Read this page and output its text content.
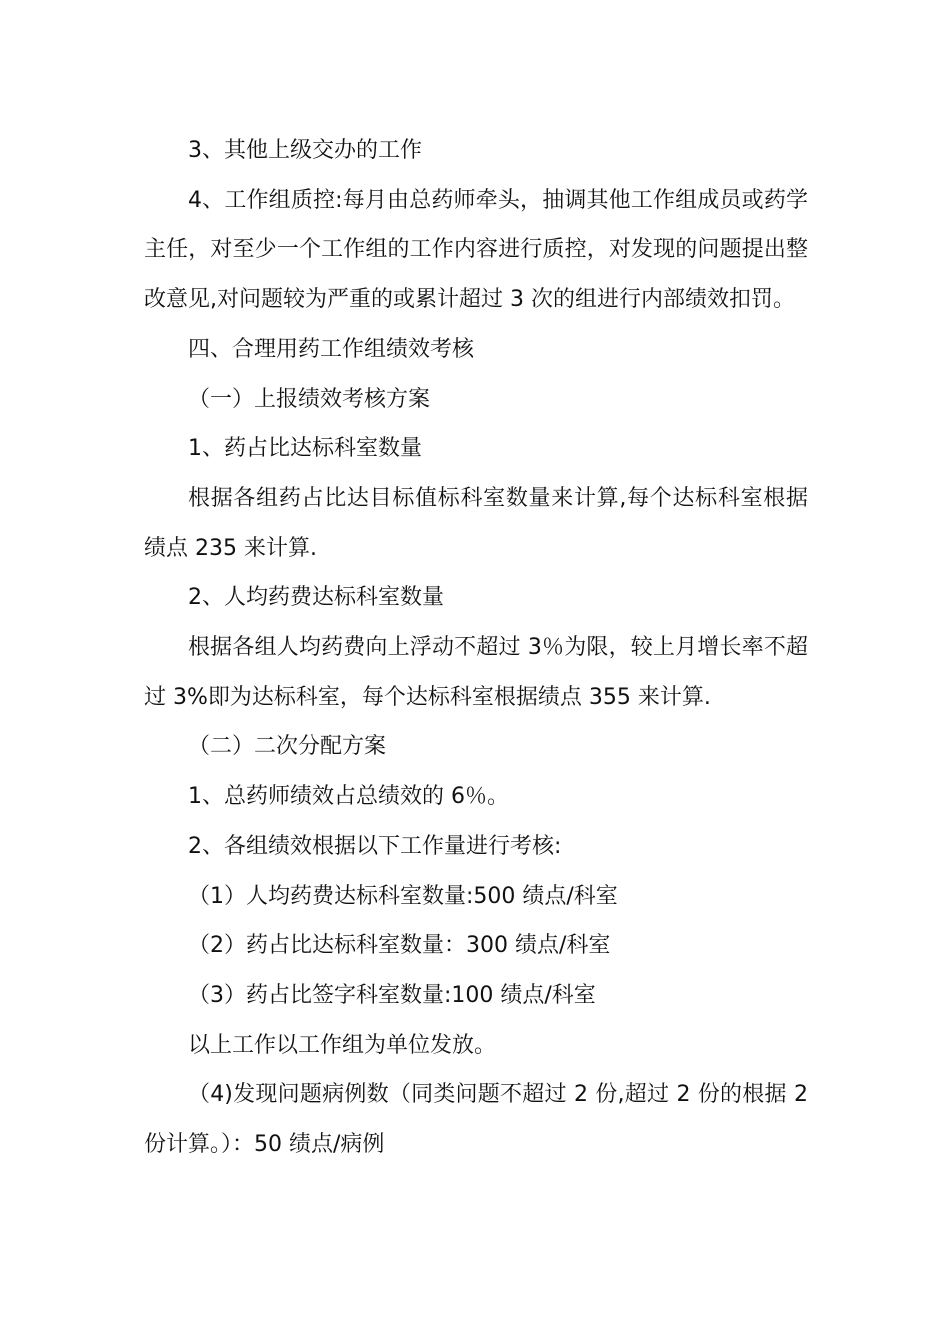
3、其他上级交办的工作

4、工作组质控:每月由总药师牵头，抽调其他工作组成员或药学主任，对至少一个工作组的工作内容进行质控，对发现的问题提出整改意见,对问题较为严重的或累计超过 3 次的组进行内部绩效扣罚。

四、合理用药工作组绩效考核

（一）上报绩效考核方案

1、药占比达标科室数量

根据各组药占比达目标值标科室数量来计算,每个达标科室根据绩点 235 来计算.

2、人均药费达标科室数量

根据各组人均药费向上浮动不超过 3％为限，较上月增长率不超过 3%即为达标科室，每个达标科室根据绩点 355 来计算.

（二）二次分配方案

1、总药师绩效占总绩效的 6％。

2、各组绩效根据以下工作量进行考核:

（1）人均药费达标科室数量:500 绩点/科室

（2）药占比达标科室数量：300 绩点/科室

（3）药占比签字科室数量:100 绩点/科室

以上工作以工作组为单位发放。

（4)发现问题病例数（同类问题不超过 2 份,超过 2 份的根据 2 份计算。）：50 绩点/病例
